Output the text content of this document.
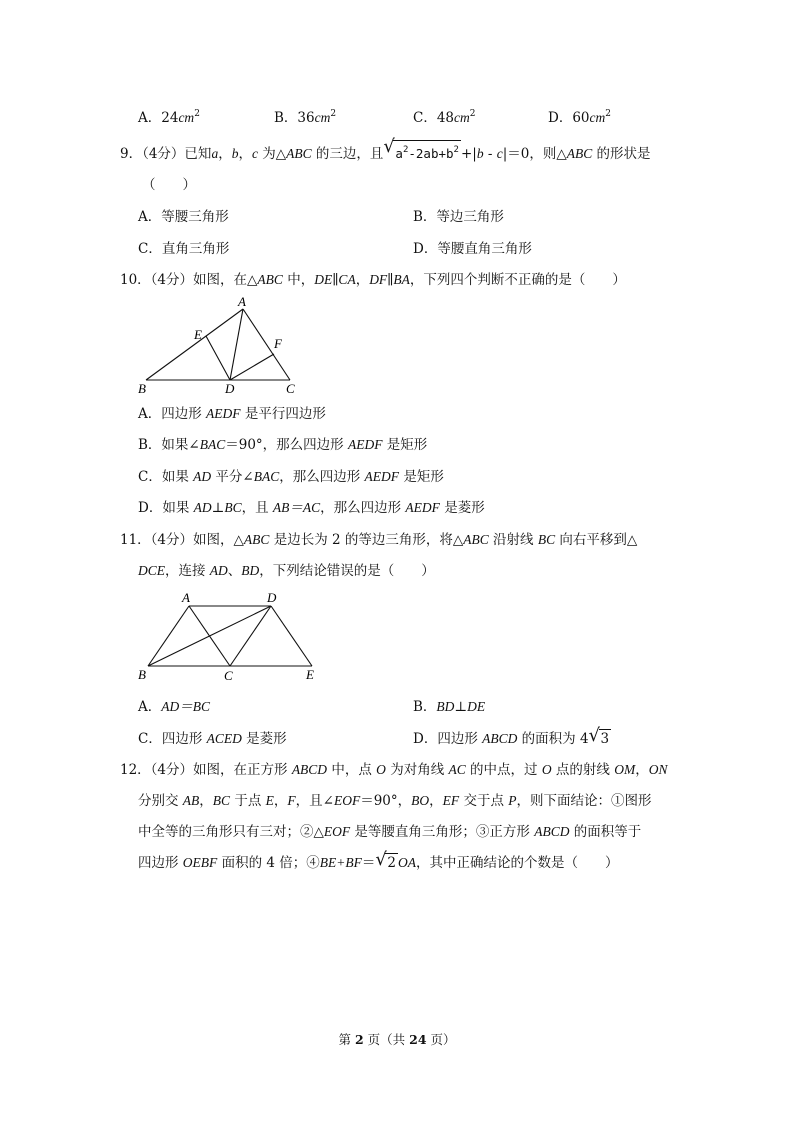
A．$24cm^2$	B．$36cm^2$	C．$48cm^2$	D．$60cm^2$
9．（4分）已知a，b，c 为△ABC 的三边，且 √ $a^2-2ab+b^2 +|b - c|=0$，则△ABC 的形状是
（　　）
A．等腰三角形	B．等边三角形
C．直角三角形	D．等腰直角三角形
10．（4分）如图，在△ABC 中，DE∥CA，DF∥BA，下列四个判断不正确的是（　　）
A
E
F
B	D	C
A．四边形 AEDF 是平行四边形
B．如果∠BAC＝90°，那么四边形 AEDF 是矩形
C．如果 AD 平分∠BAC，那么四边形 AEDF 是矩形
D．如果 AD⊥BC，且 AB＝AC，那么四边形 AEDF 是菱形
11．（4分）如图，△ABC 是边长为 2 的等边三角形，将△ABC 沿射线 BC 向右平移到△
DCE，连接 AD、BD，下列结论错误的是（　　）
A	D
B	C	E
A．AD＝BC	B．BD⊥DE
C．四边形 ACED 是菱形	D．四边形 ABCD 的面积为 4 √ 3
12．（4分）如图，在正方形 ABCD 中，点 O 为对角线 AC 的中点，过 O 点的射线 OM，ON
分别交 AB，BC 于点 E，F，且∠EOF＝90°，BO，EF 交于点 P，则下面结论：①图形
中全等的三角形只有三对；②△EOF 是等腰直角三角形；③正方形 ABCD 的面积等于
四边形 OEBF 面积的 4 倍；④BE+BF＝ √ 2 OA，其中正确结论的个数是（　　）
第 2 页（共 24 页）
